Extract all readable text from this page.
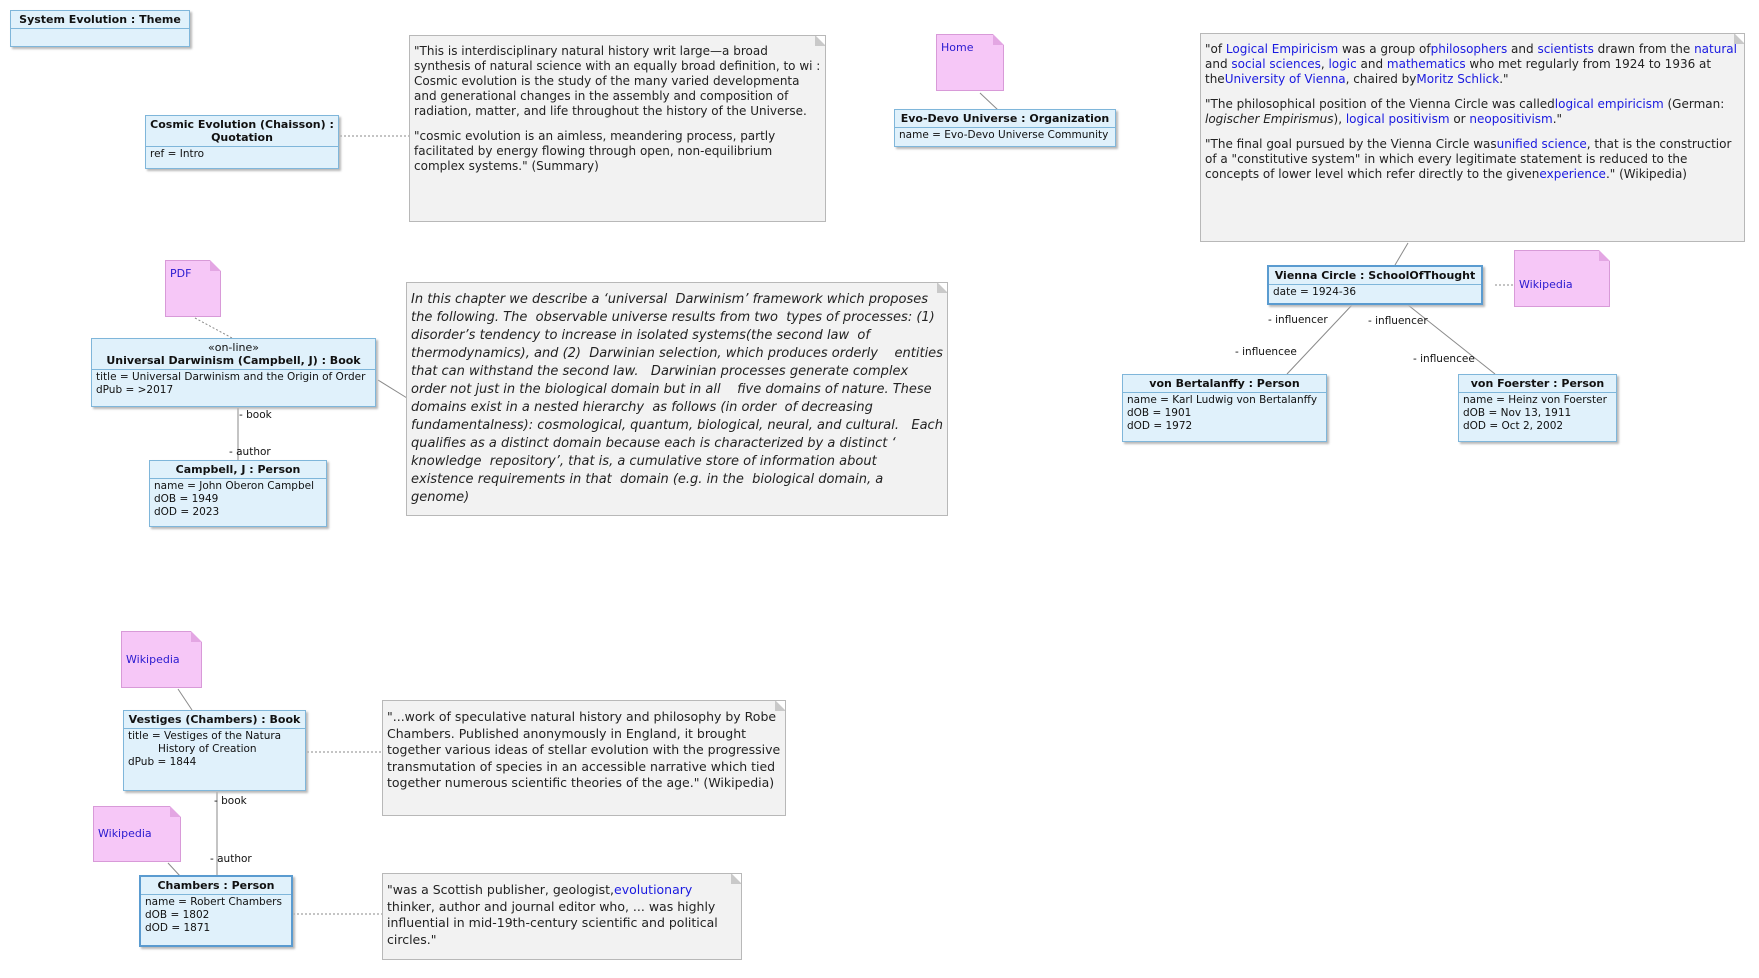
System Evolution : Theme
Cosmic Evolution (Chaisson) : Quotation
ref = Intro

"This is interdisciplinary natural history writ large—a broad synthesis of natural science with an equally broad definition, to wi : Cosmic evolution is the study of the many varied developmenta and generational changes in the assembly and composition of radiation, matter, and life throughout the history of the Universe.

"cosmic evolution is an aimless, meandering process, partly facilitated by energy flowing through open, non-equilibrium complex systems." (Summary)

Home
Evo-Devo Universe : Organization
name = Evo-Devo Universe Community

"of Logical Empiricism was a group ofphilosophers and scientists drawn from the natural and social sciences, logic and mathematics who met regularly from 1924 to 1936 at theUniversity of Vienna, chaired byMoritz Schlick."

"The philosophical position of the Vienna Circle was calledlogical empiricism (German: logischer Empirismus), logical positivism or neopositivism."

"The final goal pursued by the Vienna Circle wasunified science, that is the constructior of a "constitutive system" in which every legitimate statement is reduced to the concepts of lower level which refer directly to the givenexperience." (Wikipedia)

PDF
«on-line»
Universal Darwinism (Campbell, J) : Book
title = Universal Darwinism and the Origin of Order
dPub = >2017

In this chapter we describe a ‘universal  Darwinism’ framework which proposes the following. The  observable universe results from two  types of processes: (1) disorder’s tendency to increase in isolated systems(the second law  of thermodynamics), and (2)  Darwinian selection, which produces orderly    entities that can withstand the second law.   Darwinian processes generate complex order not just in the biological domain but in all    five domains of nature. These domains exist in a nested hierarchy  as follows (in order  of decreasing fundamentalness): cosmological, quantum, biological, neural, and cultural.   Each qualifies as a distinct domain because each is characterized by a distinct ‘ knowledge  repository’, that is, a cumulative store of information about existence requirements in that  domain (e.g. in the  biological domain, a genome)

- book
- author
Campbell, J : Person
name = John Oberon Campbel
dOB = 1949
dOD = 2023
Vienna Circle : SchoolOfThought
date = 1924-36
Wikipedia
- influencer	- influencer
- influencee
- influencee
von Bertalanffy : Person
name = Karl Ludwig von Bertalanffy
dOB = 1901
dOD = 1972
von Foerster : Person
name = Heinz von Foerster
dOB = Nov 13, 1911
dOD = Oct 2, 2002
Wikipedia
Vestiges (Chambers) : Book
title = Vestiges of the Natura
History of Creation
dPub = 1844

"...work of speculative natural history and philosophy by Robe Chambers. Published anonymously in England, it brought together various ideas of stellar evolution with the progressive transmutation of species in an accessible narrative which tied together numerous scientific theories of the age." (Wikipedia)

- book
- author
Wikipedia
Chambers : Person
name = Robert Chambers
dOB = 1802
dOD = 1871

"was a Scottish publisher, geologist,evolutionary thinker, author and journal editor who, ... was highly influential in mid-19th-century scientific and political circles."
